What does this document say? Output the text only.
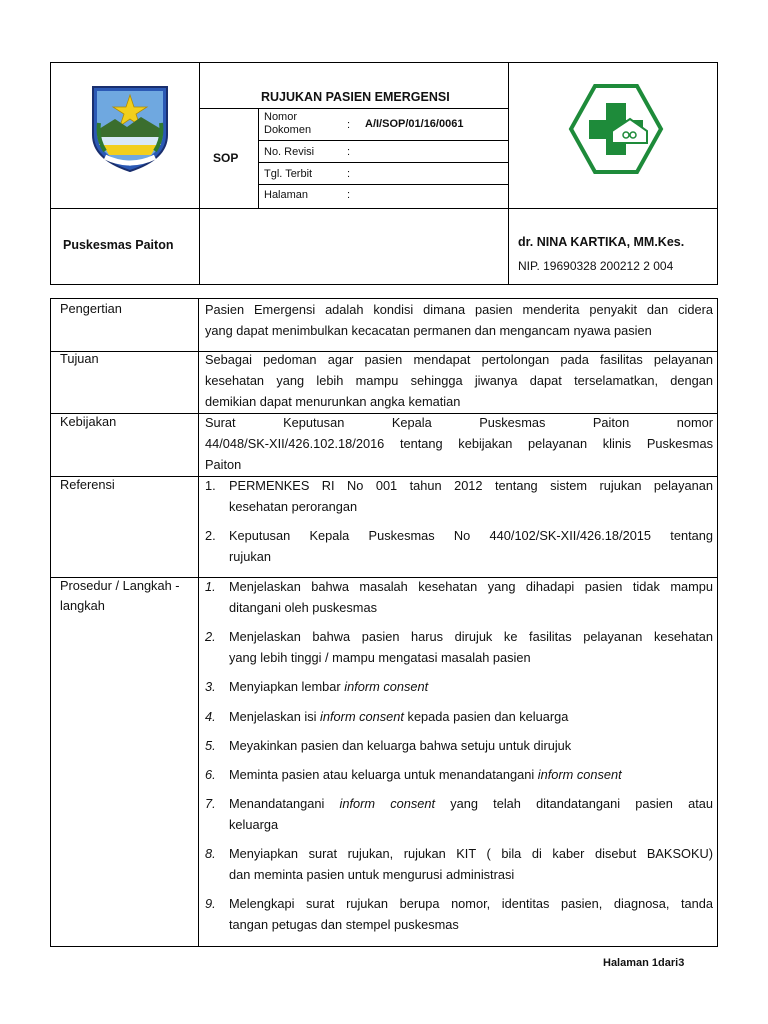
RUJUKAN PASIEN EMERGENSI
SOP
Nomor
Dokomen	: A/I/SOP/01/16/0061
No. Revisi	:
Tgl. Terbit	:
Halaman	:
Puskesmas Paiton	dr. NINA KARTIKA, MM.Kes.
NIP. 19690328 200212 2 004
Pengertian	Pasien Emergensi adalah kondisi dimana pasien menderita penyakit dan cidera
yang dapat menimbulkan kecacatan permanen dan mengancam nyawa pasien
Tujuan	Sebagai pedoman agar pasien mendapat pertolongan pada fasilitas pelayanan
kesehatan yang lebih mampu sehingga jiwanya dapat terselamatkan, dengan
demikian dapat menurunkan angka kematian
Kebijakan	Surat Keputusan Kepala Puskesmas Paiton nomor
44/048/SK-XII/426.102.18/2016 tentang kebijakan pelayanan klinis Puskesmas
Paiton
Referensi	1.	PERMENKES RI No 001 tahun 2012 tentang sistem rujukan pelayanan
kesehatan perorangan
2.	Keputusan Kepala Puskesmas No 440/102/SK-XII/426.18/2015 tentang
rujukan
Prosedur / Langkah -
langkah
1.	Menjelaskan bahwa masalah kesehatan yang dihadapi pasien tidak mampu
ditangani oleh puskesmas
2.	Menjelaskan bahwa pasien harus dirujuk ke fasilitas pelayanan kesehatan
yang lebih tinggi / mampu mengatasi masalah pasien
3.	Menyiapkan lembar inform consent
4.	Menjelaskan isi inform consent kepada pasien dan keluarga
5.	Meyakinkan pasien dan keluarga bahwa setuju untuk dirujuk
6.	Meminta pasien atau keluarga untuk menandatangani inform consent
7.	Menandatangani inform consent yang telah ditandatangani pasien atau
keluarga
8.	Menyiapkan surat rujukan, rujukan KIT ( bila di kaber disebut BAKSOKU)
dan meminta pasien untuk mengurusi administrasi
9.	Melengkapi surat rujukan berupa nomor, identitas pasien, diagnosa, tanda
tangan petugas dan stempel puskesmas
Halaman 1dari3
